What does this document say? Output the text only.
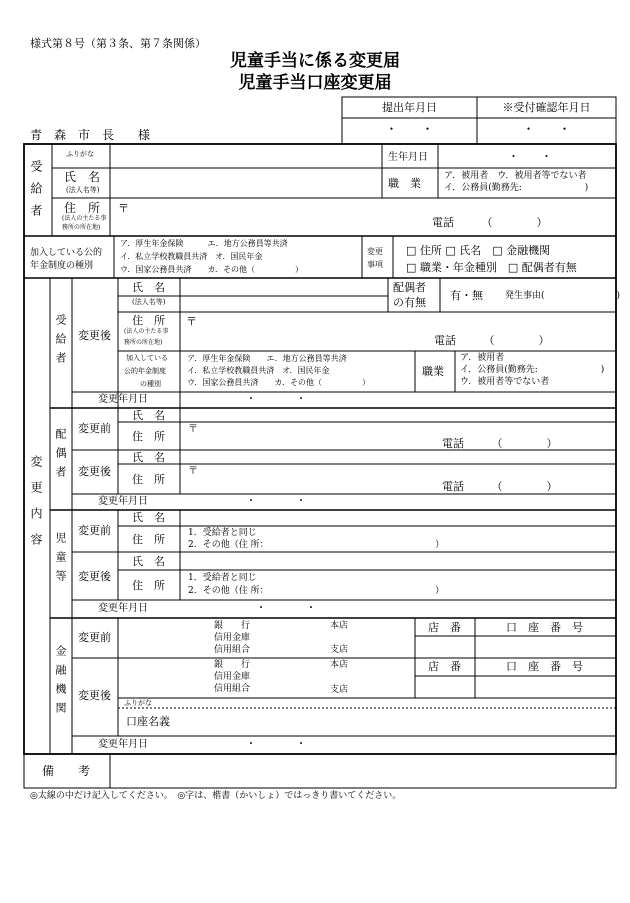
様式第８号（第３条、第７条関係）
児童手当に係る変更届
児童手当口座変更届
青　森　市　長　　様
提出年月日	※受付確認年月日
・　　・	・　　・
受給者
ふりがな
氏　名
(法人名等)
住　所
(法人の主たる事
務所の所在地)
〒
電話　　　（　　　　）
生年月日	・　　・
職　業
ア．被用者　ウ．被用者等でない者
イ．公務員(勤務先:　　　　　　　)
加入している公的
年金制度の種別
ア．厚生年金保険　　　エ．地方公務員等共済
イ．私立学校教職員共済　オ．国民年金
ウ．国家公務員共済　　カ．その他（　　　　　）
変更
事項
□ 住所 □ 氏名　□ 金融機関
□ 職業・年金種別　□ 配偶者有無
変更内容
受給者 変更後
氏　名
(法人名等)
住　所
(法人の主たる事
務所の所在地)
配偶者
の有無
有・無 発生事由(　　　　　　　　)
〒
電話　　　（　　　　）
加入している
公的年金制度
の種別
ア．厚生年金保険　　エ．地方公務員等共済
イ．私立学校教職員共済　オ．国民年金
ウ．国家公務員共済　　カ．その他（　　　　　）
職業
ア．被用者
イ．公務員(勤務先:　　　　　　　)
ウ．被用者等でない者
変更年月日	・　　　　・
配偶者 変更前
氏　名
住　所
〒
電話　　　（　　　　）
変更後
氏　名
住　所
〒
電話　　　（　　　　）
変更年月日	・　　　　・
児童等
変更前
氏　名
住　所	1．受給者と同じ
2．その他（住 所：　　　　　　　　　　　　　　　　　　　）
変更後
氏　名
住　所
1．受給者と同じ
2．その他（住 所：　　　　　　　　　　　　　　　　　　　）
変更年月日	・　　　　・
金融機関
変更前
銀　　行
信用金庫
信用組合
本店
支店
店　番	口　座　番　号
変更後
銀　　行
信用金庫
信用組合
本店
支店
店　番	口　座　番　号
ふりがな
口座名義
変更年月日	・　　　　・
備　　考
◎太線の中だけ記入してください。　◎字は、楷書（かいしょ）ではっきり書いてください。
